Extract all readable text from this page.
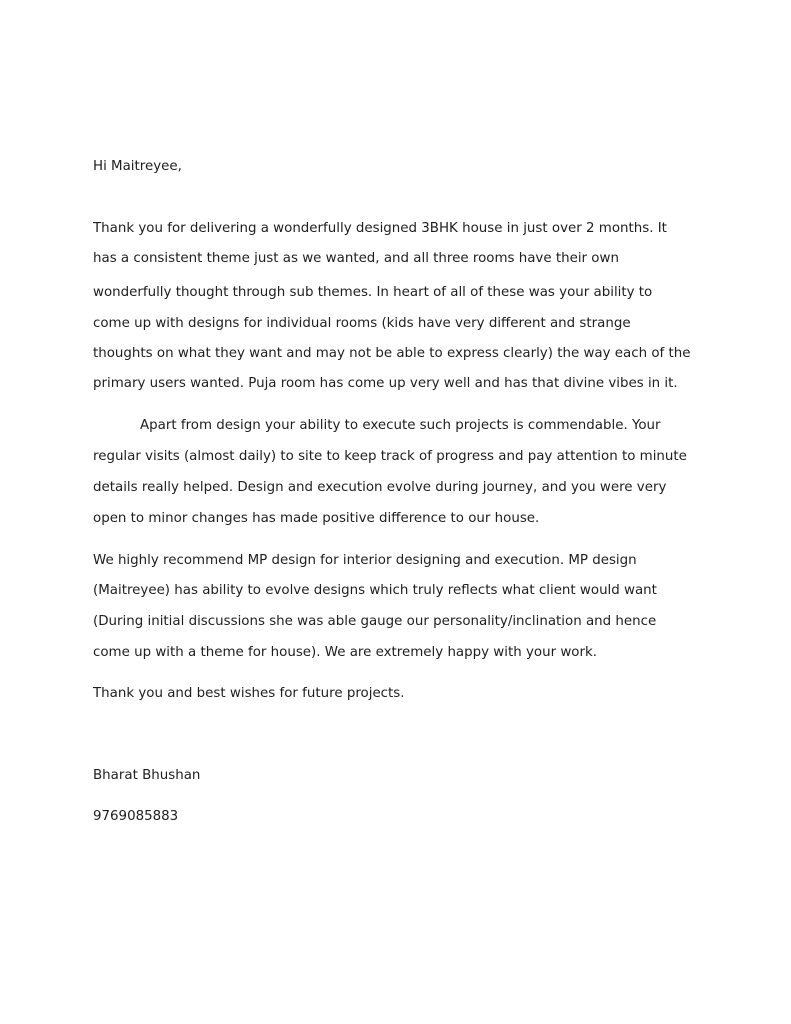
Hi Maitreyee,
Thank you for delivering a wonderfully designed 3BHK house in just over 2 months. It
has a consistent theme just as we wanted, and all three rooms have their own
wonderfully thought through sub themes. In heart of all of these was your ability to
come up with designs for individual rooms (kids have very different and strange
thoughts on what they want and may not be able to express clearly) the way each of the
primary users wanted. Puja room has come up very well and has that divine vibes in it.
Apart from design your ability to execute such projects is commendable. Your
regular visits (almost daily) to site to keep track of progress and pay attention to minute
details really helped. Design and execution evolve during journey, and you were very
open to minor changes has made positive difference to our house.
We highly recommend MP design for interior designing and execution. MP design
(Maitreyee) has ability to evolve designs which truly reflects what client would want
(During initial discussions she was able gauge our personality/inclination and hence
come up with a theme for house). We are extremely happy with your work.
Thank you and best wishes for future projects.
Bharat Bhushan
9769085883
